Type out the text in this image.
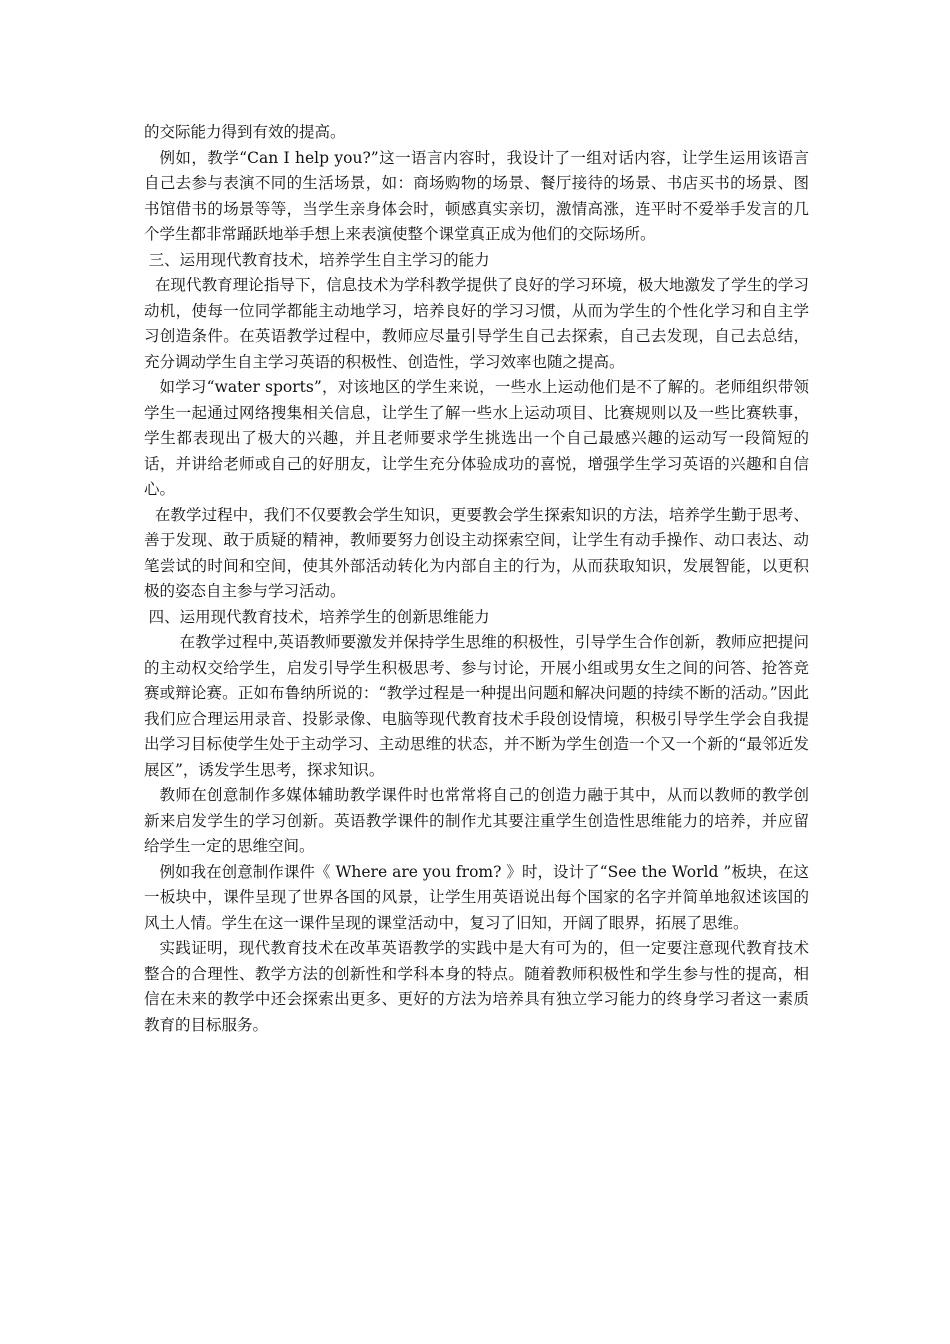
的交际能力得到有效的提高。

例如，教学“Can I help you?”这一语言内容时，我设计了一组对话内容，让学生运用该语言自己去参与表演不同的生活场景，如：商场购物的场景、餐厅接待的场景、书店买书的场景、图书馆借书的场景等等，当学生亲身体会时，顿感真实亲切，激情高涨，连平时不爱举手发言的几个学生都非常踊跃地举手想上来表演使整个课堂真正成为他们的交际场所。

三、运用现代教育技术，培养学生自主学习的能力

在现代教育理论指导下，信息技术为学科教学提供了良好的学习环境，极大地激发了学生的学习动机，使每一位同学都能主动地学习，培养良好的学习习惯，从而为学生的个性化学习和自主学习创造条件。在英语教学过程中，教师应尽量引导学生自己去探索，自己去发现，自己去总结，充分调动学生自主学习英语的积极性、创造性，学习效率也随之提高。

如学习“water sports”，对该地区的学生来说，一些水上运动他们是不了解的。老师组织带领学生一起通过网络搜集相关信息，让学生了解一些水上运动项目、比赛规则以及一些比赛轶事，学生都表现出了极大的兴趣，并且老师要求学生挑选出一个自己最感兴趣的运动写一段简短的话，并讲给老师或自己的好朋友，让学生充分体验成功的喜悦，增强学生学习英语的兴趣和自信心。

在教学过程中，我们不仅要教会学生知识，更要教会学生探索知识的方法，培养学生勤于思考、善于发现、敢于质疑的精神，教师要努力创设主动探索空间，让学生有动手操作、动口表达、动笔尝试的时间和空间，使其外部活动转化为内部自主的行为，从而获取知识，发展智能，以更积极的姿态自主参与学习活动。

四、运用现代教育技术，培养学生的创新思维能力

在教学过程中,英语教师要激发并保持学生思维的积极性，引导学生合作创新，教师应把提问的主动权交给学生，启发引导学生积极思考、参与讨论，开展小组或男女生之间的问答、抢答竞赛或辩论赛。正如布鲁纳所说的：“教学过程是一种提出问题和解决问题的持续不断的活动。”因此我们应合理运用录音、投影录像、电脑等现代教育技术手段创设情境，积极引导学生学会自我提出学习目标使学生处于主动学习、主动思维的状态，并不断为学生创造一个又一个新的“最邻近发展区”，诱发学生思考，探求知识。

教师在创意制作多媒体辅助教学课件时也常常将自己的创造力融于其中，从而以教师的教学创新来启发学生的学习创新。英语教学课件的制作尤其要注重学生创造性思维能力的培养，并应留给学生一定的思维空间。

例如我在创意制作课件《 Where are you from? 》时，设计了“See the World ”板块，在这一板块中，课件呈现了世界各国的风景，让学生用英语说出每个国家的名字并简单地叙述该国的风土人情。学生在这一课件呈现的课堂活动中，复习了旧知，开阔了眼界，拓展了思维。

实践证明，现代教育技术在改革英语教学的实践中是大有可为的，但一定要注意现代教育技术整合的合理性、教学方法的创新性和学科本身的特点。随着教师积极性和学生参与性的提高，相信在未来的教学中还会探索出更多、更好的方法为培养具有独立学习能力的终身学习者这一素质教育的目标服务。
